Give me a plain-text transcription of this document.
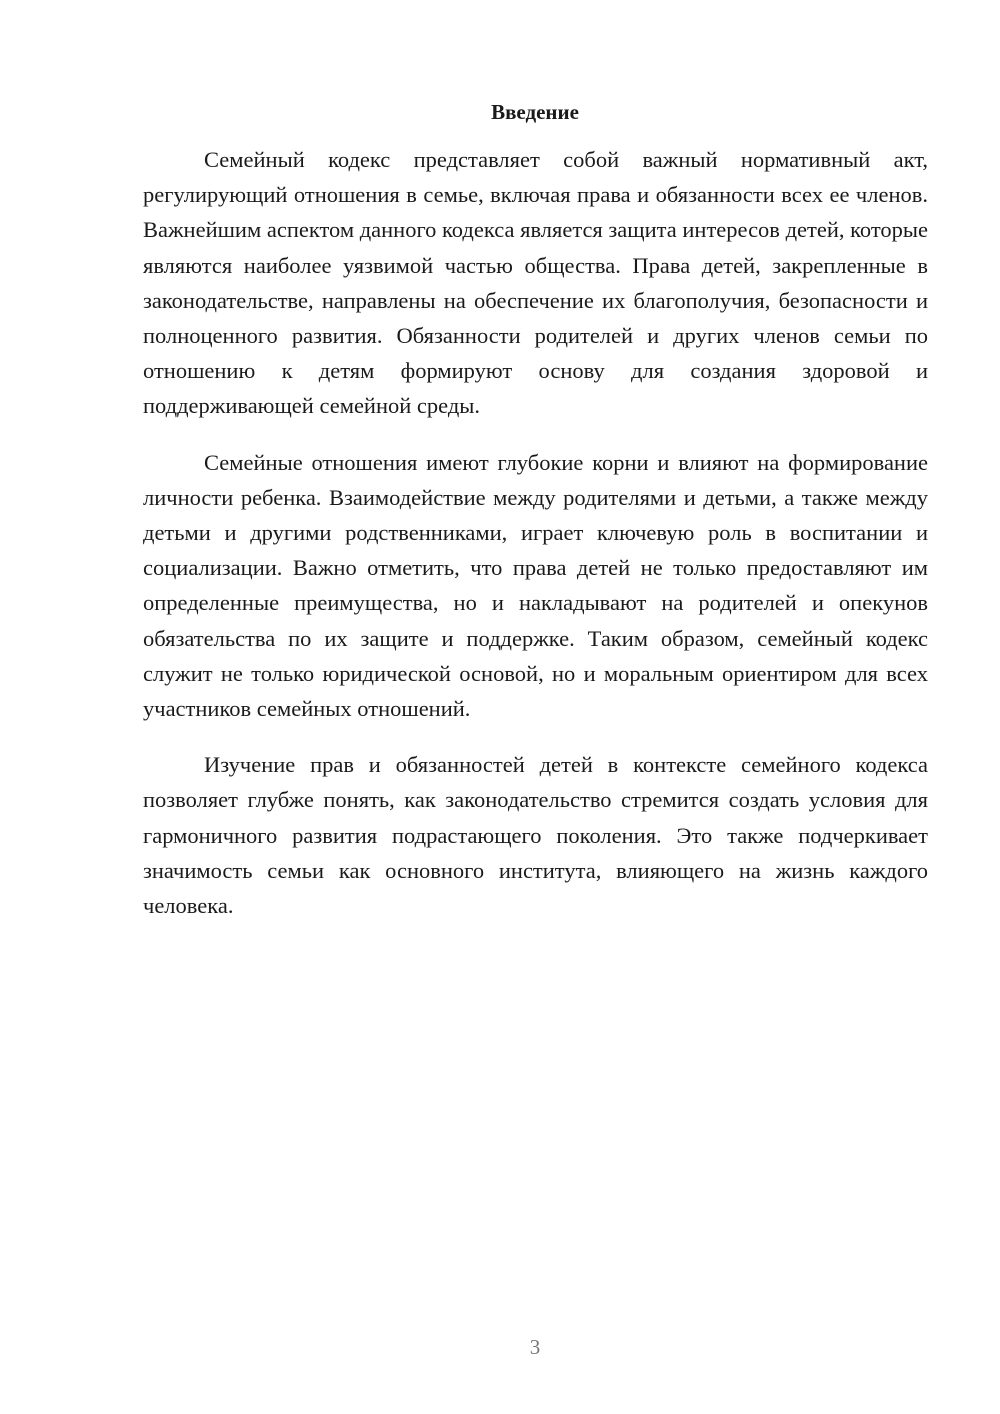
Введение

Семейный кодекс представляет собой важный нормативный акт, регулирующий отношения в семье, включая права и обязанности всех ее членов. Важнейшим аспектом данного кодекса является защита интересов детей, которые являются наиболее уязвимой частью общества. Права детей, закрепленные в законодательстве, направлены на обеспечение их благополучия, безопасности и полноценного развития. Обязанности родителей и других членов семьи по отношению к детям формируют основу для создания здоровой и поддерживающей семейной среды.

Семейные отношения имеют глубокие корни и влияют на формирование личности ребенка. Взаимодействие между родителями и детьми, а также между детьми и другими родственниками, играет ключевую роль в воспитании и социализации. Важно отметить, что права детей не только предоставляют им определенные преимущества, но и накладывают на родителей и опекунов обязательства по их защите и поддержке. Таким образом, семейный кодекс служит не только юридической основой, но и моральным ориентиром для всех участников семейных отношений.

Изучение прав и обязанностей детей в контексте семейного кодекса позволяет глубже понять, как законодательство стремится создать условия для гармоничного развития подрастающего поколения. Это также подчеркивает значимость семьи как основного института, влияющего на жизнь каждого человека.

3
